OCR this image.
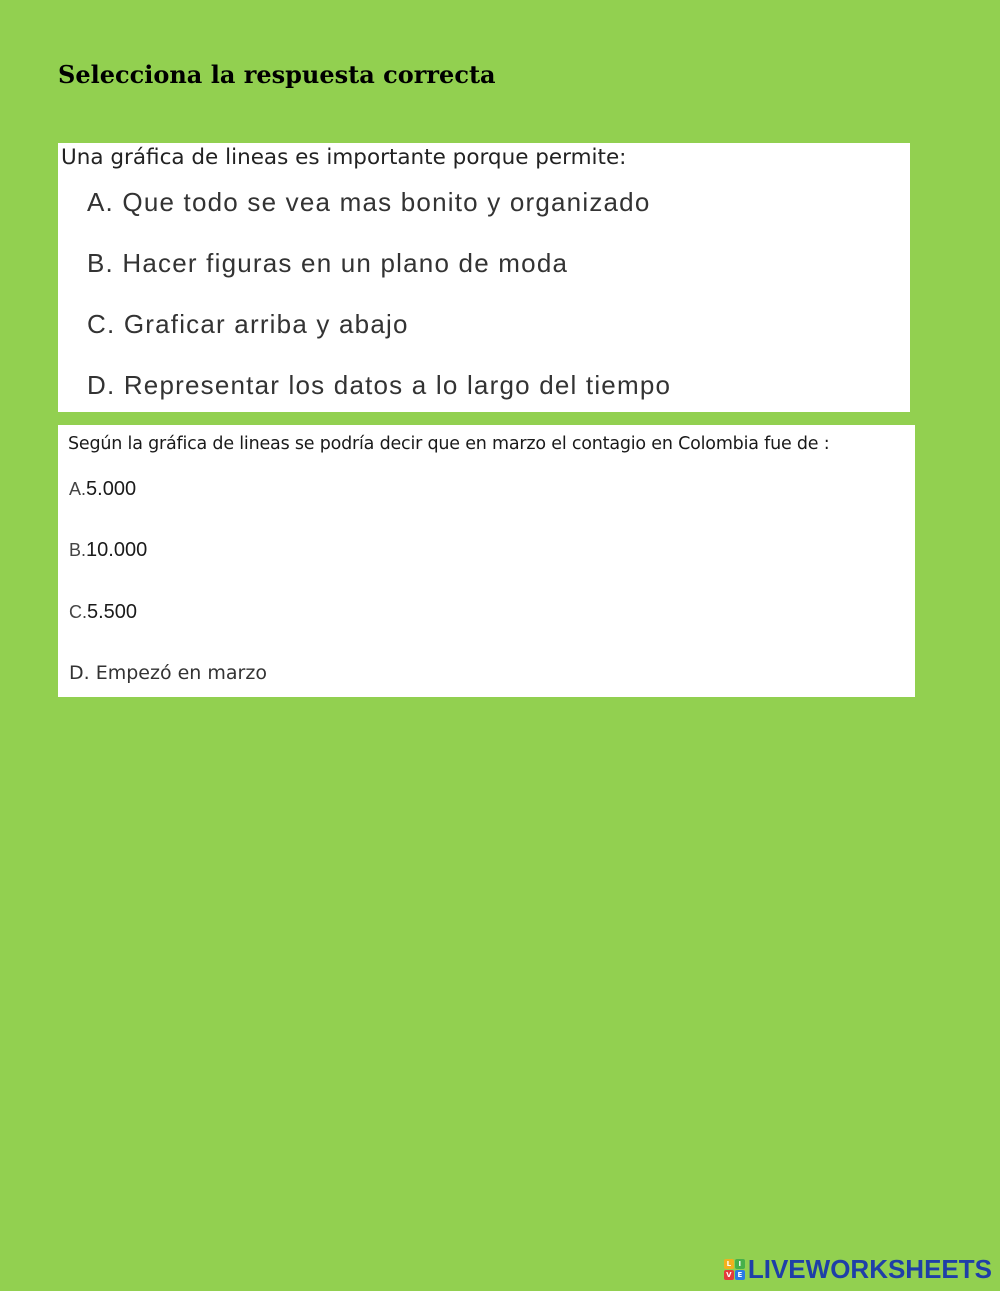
Selecciona la respuesta correcta
Una gráfica de lineas es importante porque permite:
A. Que todo se vea mas bonito y organizado
B. Hacer figuras en un plano de moda
C. Graficar arriba y abajo
D. Representar los datos a lo largo del tiempo
Según la gráfica de lineas se podría decir que en marzo el contagio en Colombia fue de :
A.5.000
B.10.000
C.5.500
D. Empezó en marzo
L	I
V E LIVEWORKSHEETS
